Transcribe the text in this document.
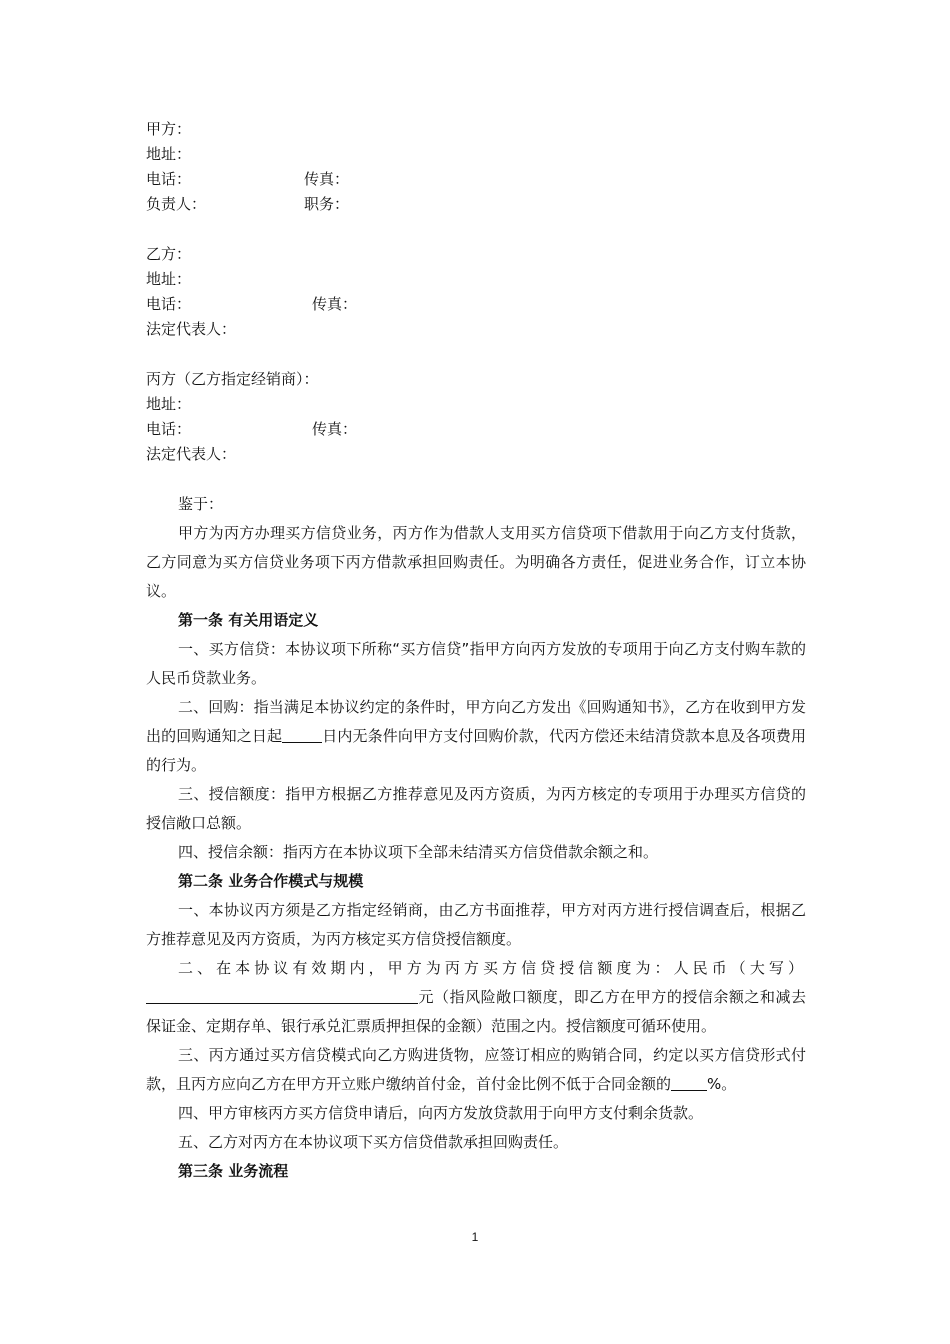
甲方：
地址：
电话：	传真：
负责人：	职务：
乙方：
地址：
电话：	传真：
法定代表人：
丙方（乙方指定经销商）：
地址：
电话：	传真：
法定代表人：

鉴于：

甲方为丙方办理买方信贷业务，丙方作为借款人支用买方信贷项下借款用于向乙方支付货款，乙方同意为买方信贷业务项下丙方借款承担回购责任。为明确各方责任，促进业务合作，订立本协议。

第一条 有关用语定义

一、买方信贷：本协议项下所称“买方信贷”指甲方向丙方发放的专项用于向乙方支付购车款的人民币贷款业务。

二、回购：指当满足本协议约定的条件时，甲方向乙方发出《回购通知书》，乙方在收到甲方发出的回购通知之日起	日内无条件向甲方支付回购价款，代丙方偿还未结清贷款本息及各项费用的行为。

三、授信额度：指甲方根据乙方推荐意见及丙方资质，为丙方核定的专项用于办理买方信贷的授信敞口总额。

四、授信余额：指丙方在本协议项下全部未结清买方信贷借款余额之和。

第二条 业务合作模式与规模

一、本协议丙方须是乙方指定经销商，由乙方书面推荐，甲方对丙方进行授信调查后，根据乙方推荐意见及丙方资质，为丙方核定买方信贷授信额度。

二、在本协议有效期内，甲方为丙方买方信贷授信额度为：人民币（大写）元（指风险敞口额度，即乙方在甲方的授信余额之和减去保证金、定期存单、银行承兑汇票质押担保的金额）范围之内。授信额度可循环使用。

三、丙方通过买方信贷模式向乙方购进货物，应签订相应的购销合同，约定以买方信贷形式付款，且丙方应向乙方在甲方开立账户缴纳首付金，首付金比例不低于合同金额的 %。

四、甲方审核丙方买方信贷申请后，向丙方发放贷款用于向甲方支付剩余货款。

五、乙方对丙方在本协议项下买方信贷借款承担回购责任。

第三条 业务流程

1
